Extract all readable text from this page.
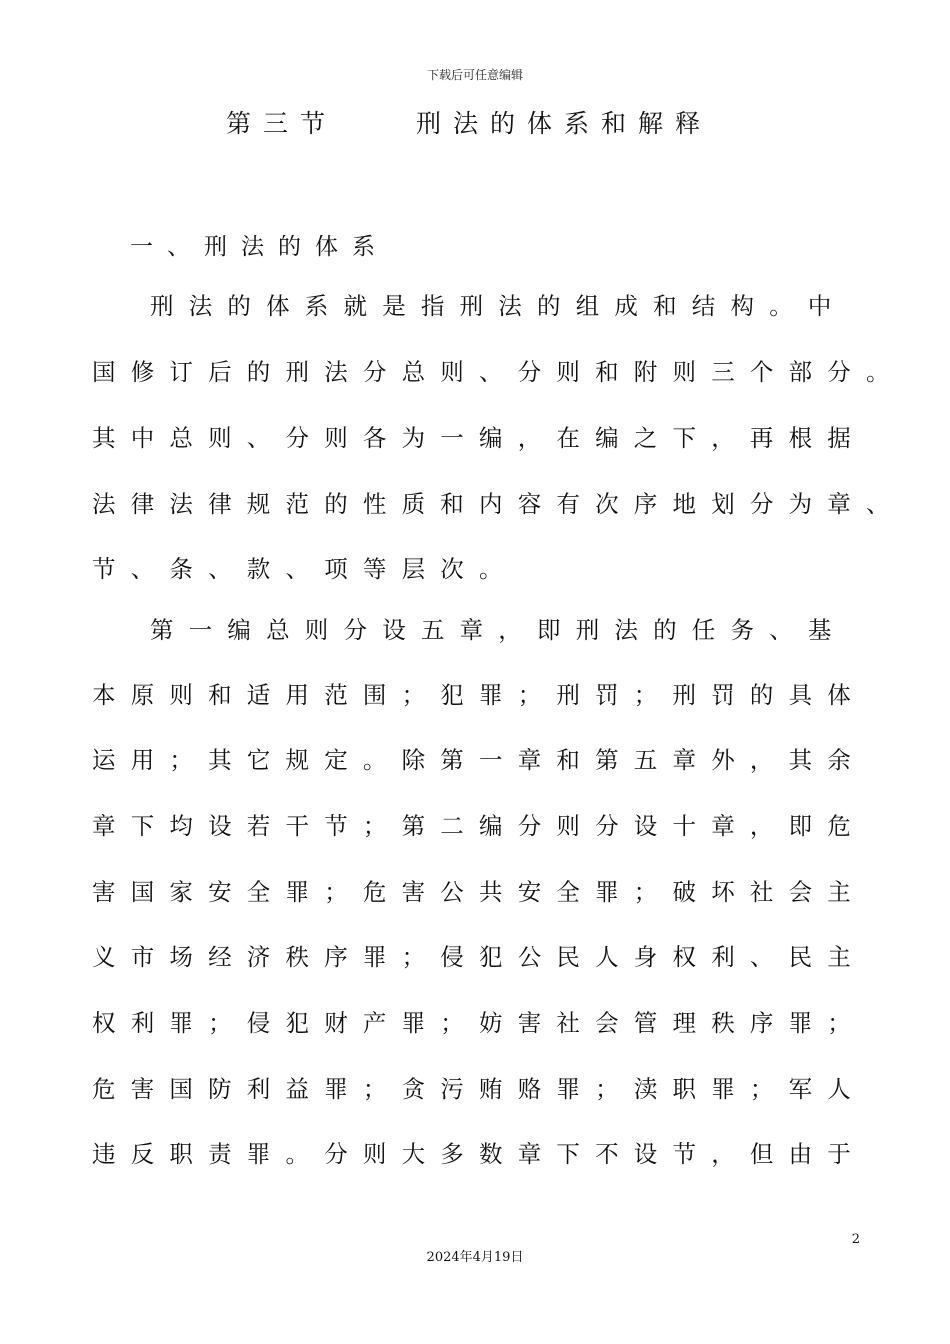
下载后可任意编辑
第三节	刑法的体系和解释
一、刑法的体系
刑法的体系就是指刑法的组成和结构。中
国修订后的刑法分总则、分则和附则三个部分。
其中总则、分则各为一编，在编之下，再根据
法律法律规范的性质和内容有次序地划分为章、
节、条、款、项等层次。
第一编总则分设五章，即刑法的任务、基
本原则和适用范围；犯罪；刑罚；刑罚的具体
运用；其它规定。除第一章和第五章外，其余
章下均设若干节；第二编分则分设十章，即危
害国家安全罪；危害公共安全罪；破坏社会主
义市场经济秩序罪；侵犯公民人身权利、民主
权利罪；侵犯财产罪；妨害社会管理秩序罪；
危害国防利益罪；贪污贿赂罪；渎职罪；军人
违反职责罪。分则大多数章下不设节，但由于
2
2024年4月19日
